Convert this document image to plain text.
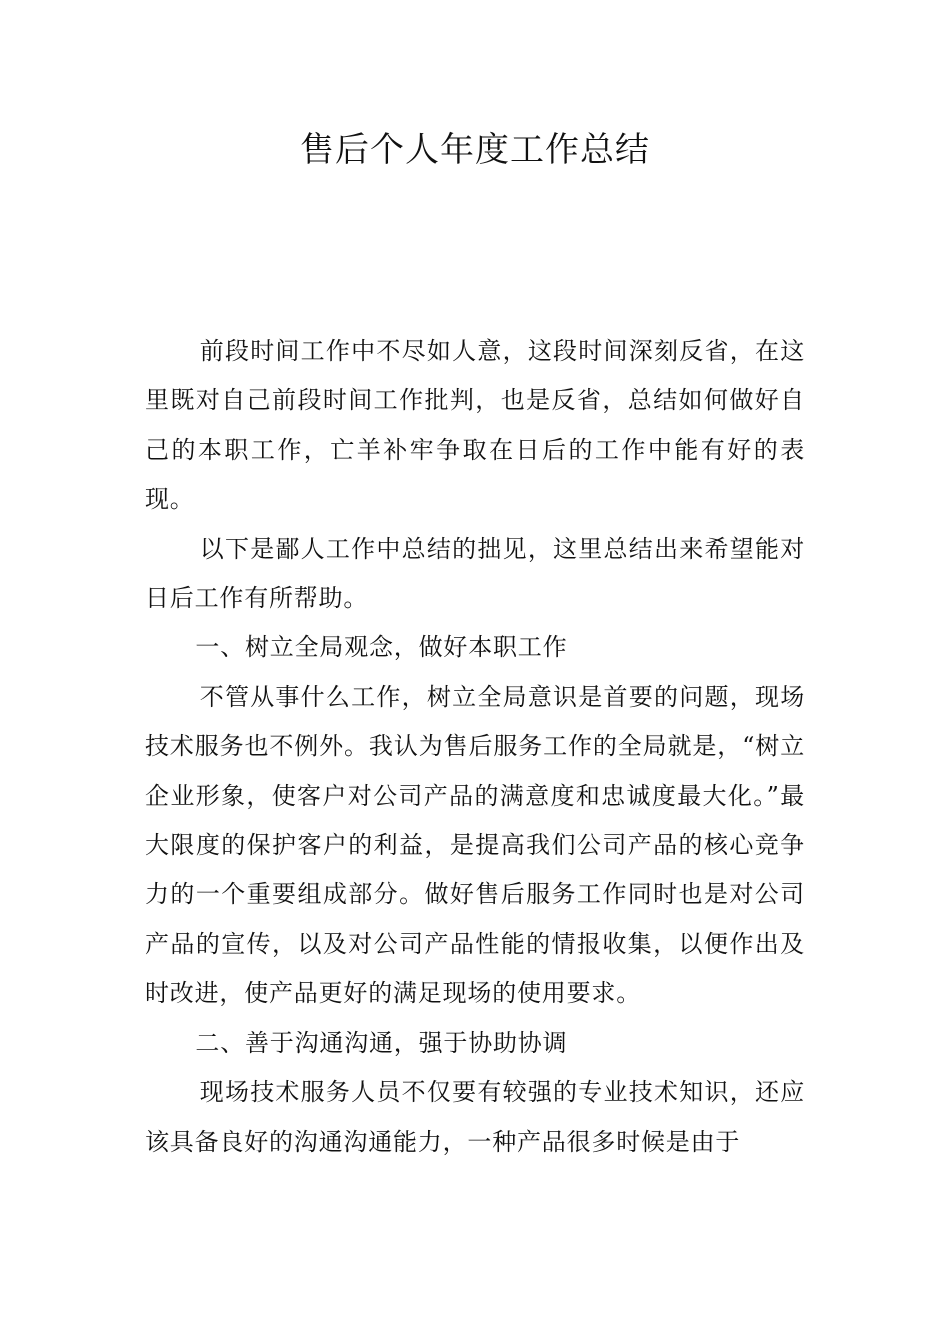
售后个人年度工作总结

前段时间工作中不尽如人意，这段时间深刻反省，在这里既对自己前段时间工作批判，也是反省，总结如何做好自己的本职工作，亡羊补牢争取在日后的工作中能有好的表现。

以下是鄙人工作中总结的拙见，这里总结出来希望能对日后工作有所帮助。

一、树立全局观念，做好本职工作

不管从事什么工作，树立全局意识是首要的问题，现场技术服务也不例外。我认为售后服务工作的全局就是，“树立企业形象，使客户对公司产品的满意度和忠诚度最大化。”最大限度的保护客户的利益，是提高我们公司产品的核心竞争力的一个重要组成部分。做好售后服务工作同时也是对公司产品的宣传，以及对公司产品性能的情报收集，以便作出及时改进，使产品更好的满足现场的使用要求。

二、善于沟通沟通，强于协助协调

现场技术服务人员不仅要有较强的专业技术知识，还应该具备良好的沟通沟通能力，一种产品很多时候是由于
